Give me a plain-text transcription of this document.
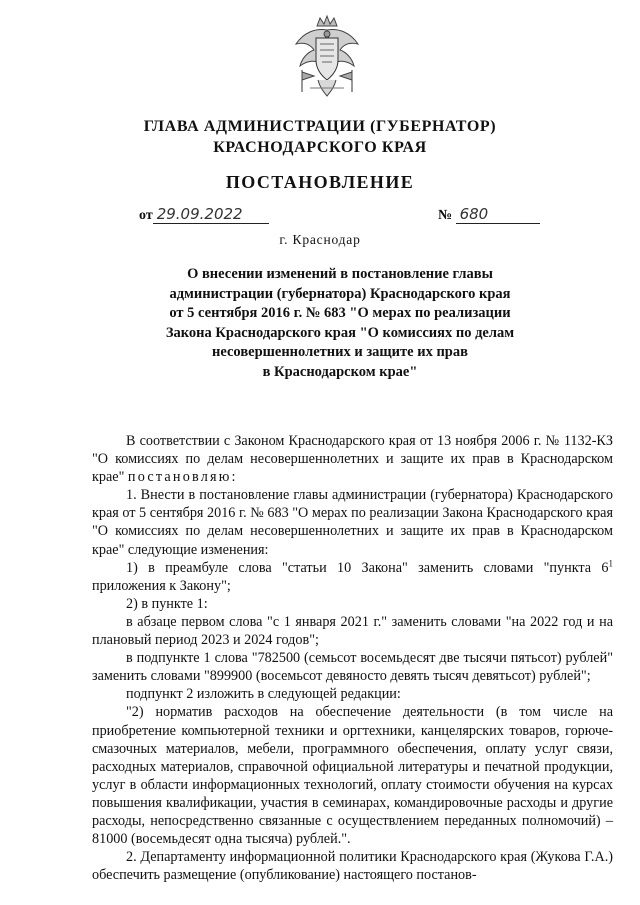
ГЛАВА АДМИНИСТРАЦИИ (ГУБЕРНАТОР)
КРАСНОДАРСКОГО КРАЯ
ПОСТАНОВЛЕНИЕ
от 29.09.2022	№ 680
г. Краснодар
О внесении изменений в постановление главы
администрации (губернатора) Краснодарского края
от 5 сентября 2016 г. № 683 "О мерах по реализации
Закона Краснодарского края "О комиссиях по делам
несовершеннолетних и защите их прав
в Краснодарском крае"

В соответствии с Законом Краснодарского края от 13 ноября 2006 г. № 1132-КЗ "О комиссиях по делам несовершеннолетних и защите их прав в Краснодарском крае" постановляю:

1. Внести в постановление главы администрации (губернатора) Краснодарского края от 5 сентября 2016 г. № 683 "О мерах по реализации Закона Краснодарского края "О комиссиях по делам несовершеннолетних и защите их прав в Краснодарском крае" следующие изменения:

1) в преамбуле слова "статьи 10 Закона" заменить словами "пункта $6^1$ приложения к Закону";

2) в пункте 1:

в абзаце первом слова "с 1 января 2021 г." заменить словами "на 2022 год и на плановый период 2023 и 2024 годов";

в подпункте 1 слова "782500 (семьсот восемьдесят две тысячи пятьсот) рублей" заменить словами "899900 (восемьсот девяносто девять тысяч девятьсот) рублей";

подпункт 2 изложить в следующей редакции:

"2) норматив расходов на обеспечение деятельности (в том числе на приобретение компьютерной техники и оргтехники, канцелярских товаров, горюче-смазочных материалов, мебели, программного обеспечения, оплату услуг связи, расходных материалов, справочной официальной литературы и печатной продукции, услуг в области информационных технологий, оплату стоимости обучения на курсах повышения квалификации, участия в семинарах, командировочные расходы и другие расходы, непосредственно связанные с осуществлением переданных полномочий) – 81000 (восемьдесят одна тысяча) рублей.".

2. Департаменту информационной политики Краснодарского края (Жукова Г.А.) обеспечить размещение (опубликование) настоящего постанов-
